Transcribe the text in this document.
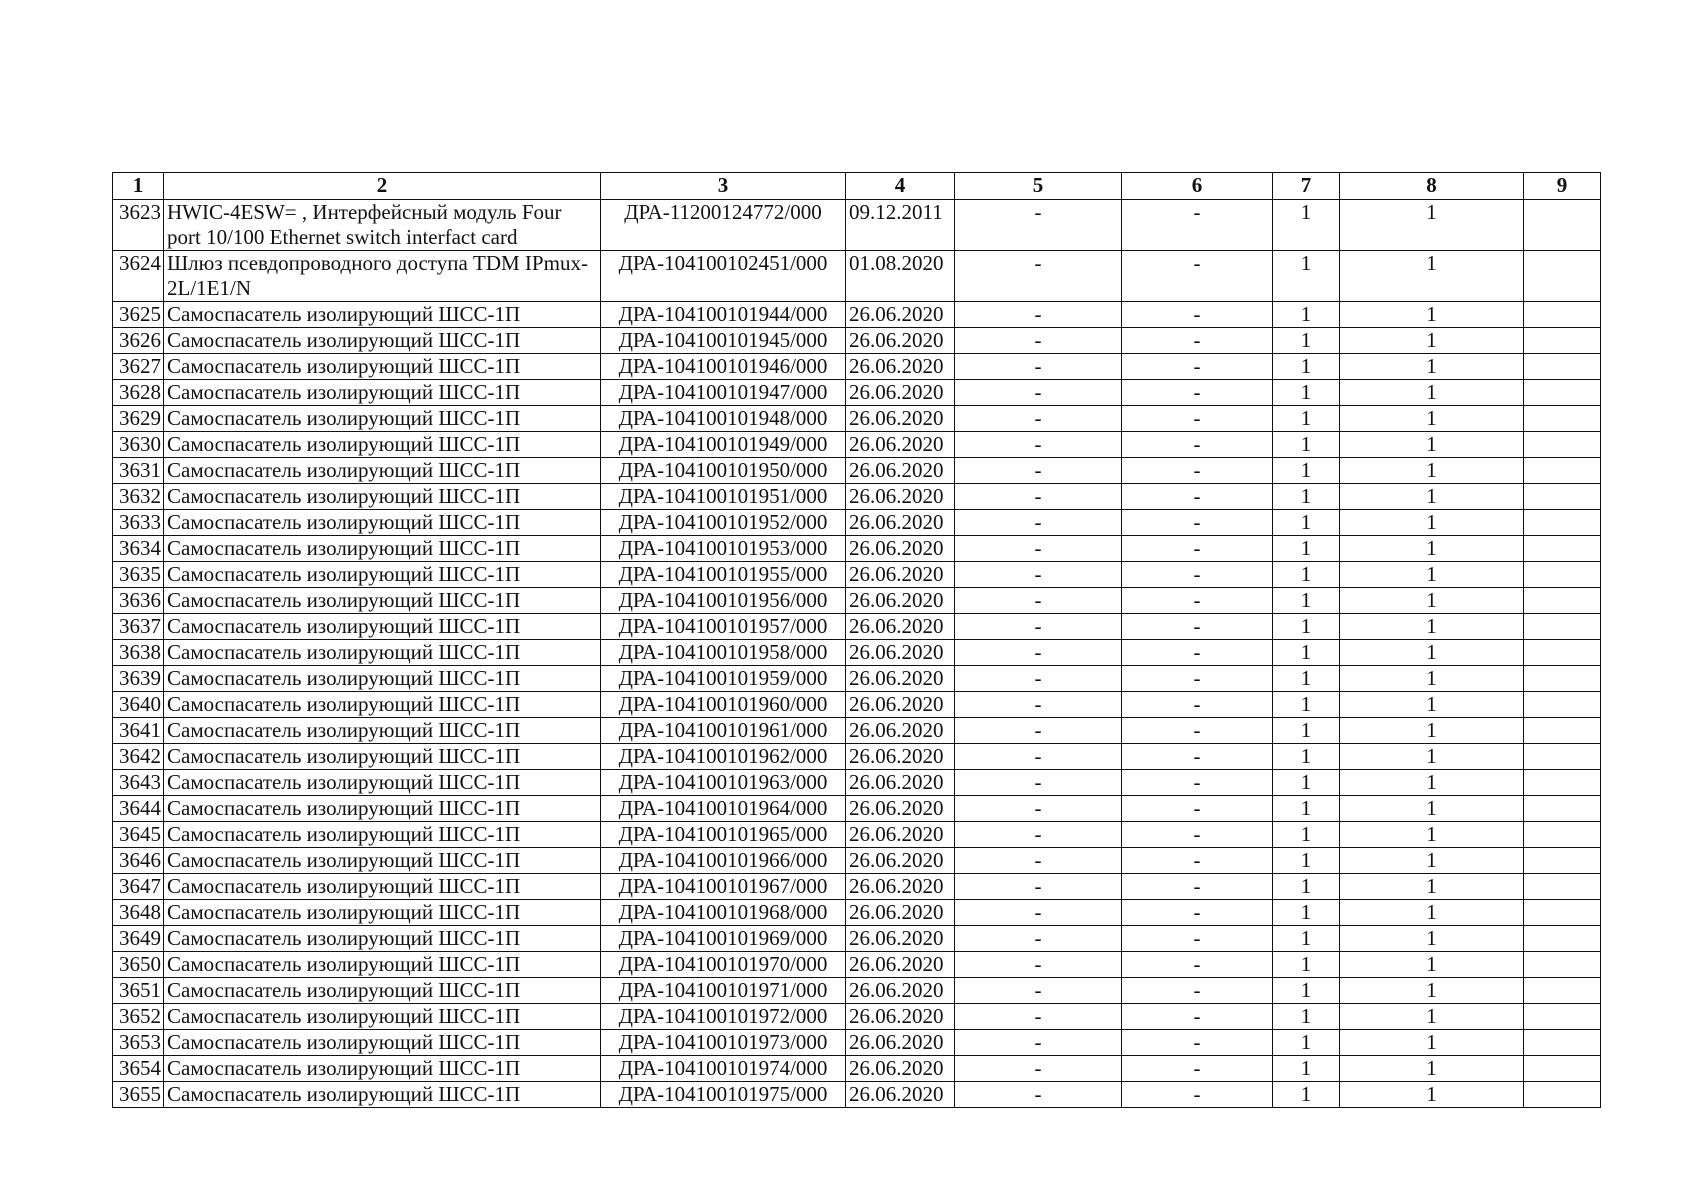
1	2	3	4	5	6	7	8	9
3623	HWIC-4ESW= , Интерфейсный модуль Four port 10/100 Ethernet switch interfact card	ДРА-11200124772/000	09.12.2011	-	-	1	1	
3624	Шлюз псевдопроводного доступа TDM IPmux-2L/1E1/N	ДРА-104100102451/000	01.08.2020	-	-	1	1	
3625	Самоспасатель изолирующий ШСС-1П	ДРА-104100101944/000	26.06.2020	-	-	1	1	
3626	Самоспасатель изолирующий ШСС-1П	ДРА-104100101945/000	26.06.2020	-	-	1	1	
3627	Самоспасатель изолирующий ШСС-1П	ДРА-104100101946/000	26.06.2020	-	-	1	1	
3628	Самоспасатель изолирующий ШСС-1П	ДРА-104100101947/000	26.06.2020	-	-	1	1	
3629	Самоспасатель изолирующий ШСС-1П	ДРА-104100101948/000	26.06.2020	-	-	1	1	
3630	Самоспасатель изолирующий ШСС-1П	ДРА-104100101949/000	26.06.2020	-	-	1	1	
3631	Самоспасатель изолирующий ШСС-1П	ДРА-104100101950/000	26.06.2020	-	-	1	1	
3632	Самоспасатель изолирующий ШСС-1П	ДРА-104100101951/000	26.06.2020	-	-	1	1	
3633	Самоспасатель изолирующий ШСС-1П	ДРА-104100101952/000	26.06.2020	-	-	1	1	
3634	Самоспасатель изолирующий ШСС-1П	ДРА-104100101953/000	26.06.2020	-	-	1	1	
3635	Самоспасатель изолирующий ШСС-1П	ДРА-104100101955/000	26.06.2020	-	-	1	1	
3636	Самоспасатель изолирующий ШСС-1П	ДРА-104100101956/000	26.06.2020	-	-	1	1	
3637	Самоспасатель изолирующий ШСС-1П	ДРА-104100101957/000	26.06.2020	-	-	1	1	
3638	Самоспасатель изолирующий ШСС-1П	ДРА-104100101958/000	26.06.2020	-	-	1	1	
3639	Самоспасатель изолирующий ШСС-1П	ДРА-104100101959/000	26.06.2020	-	-	1	1	
3640	Самоспасатель изолирующий ШСС-1П	ДРА-104100101960/000	26.06.2020	-	-	1	1	
3641	Самоспасатель изолирующий ШСС-1П	ДРА-104100101961/000	26.06.2020	-	-	1	1	
3642	Самоспасатель изолирующий ШСС-1П	ДРА-104100101962/000	26.06.2020	-	-	1	1	
3643	Самоспасатель изолирующий ШСС-1П	ДРА-104100101963/000	26.06.2020	-	-	1	1	
3644	Самоспасатель изолирующий ШСС-1П	ДРА-104100101964/000	26.06.2020	-	-	1	1	
3645	Самоспасатель изолирующий ШСС-1П	ДРА-104100101965/000	26.06.2020	-	-	1	1	
3646	Самоспасатель изолирующий ШСС-1П	ДРА-104100101966/000	26.06.2020	-	-	1	1	
3647	Самоспасатель изолирующий ШСС-1П	ДРА-104100101967/000	26.06.2020	-	-	1	1	
3648	Самоспасатель изолирующий ШСС-1П	ДРА-104100101968/000	26.06.2020	-	-	1	1	
3649	Самоспасатель изолирующий ШСС-1П	ДРА-104100101969/000	26.06.2020	-	-	1	1	
3650	Самоспасатель изолирующий ШСС-1П	ДРА-104100101970/000	26.06.2020	-	-	1	1	
3651	Самоспасатель изолирующий ШСС-1П	ДРА-104100101971/000	26.06.2020	-	-	1	1	
3652	Самоспасатель изолирующий ШСС-1П	ДРА-104100101972/000	26.06.2020	-	-	1	1	
3653	Самоспасатель изолирующий ШСС-1П	ДРА-104100101973/000	26.06.2020	-	-	1	1	
3654	Самоспасатель изолирующий ШСС-1П	ДРА-104100101974/000	26.06.2020	-	-	1	1	
3655	Самоспасатель изолирующий ШСС-1П	ДРА-104100101975/000	26.06.2020	-	-	1	1	
